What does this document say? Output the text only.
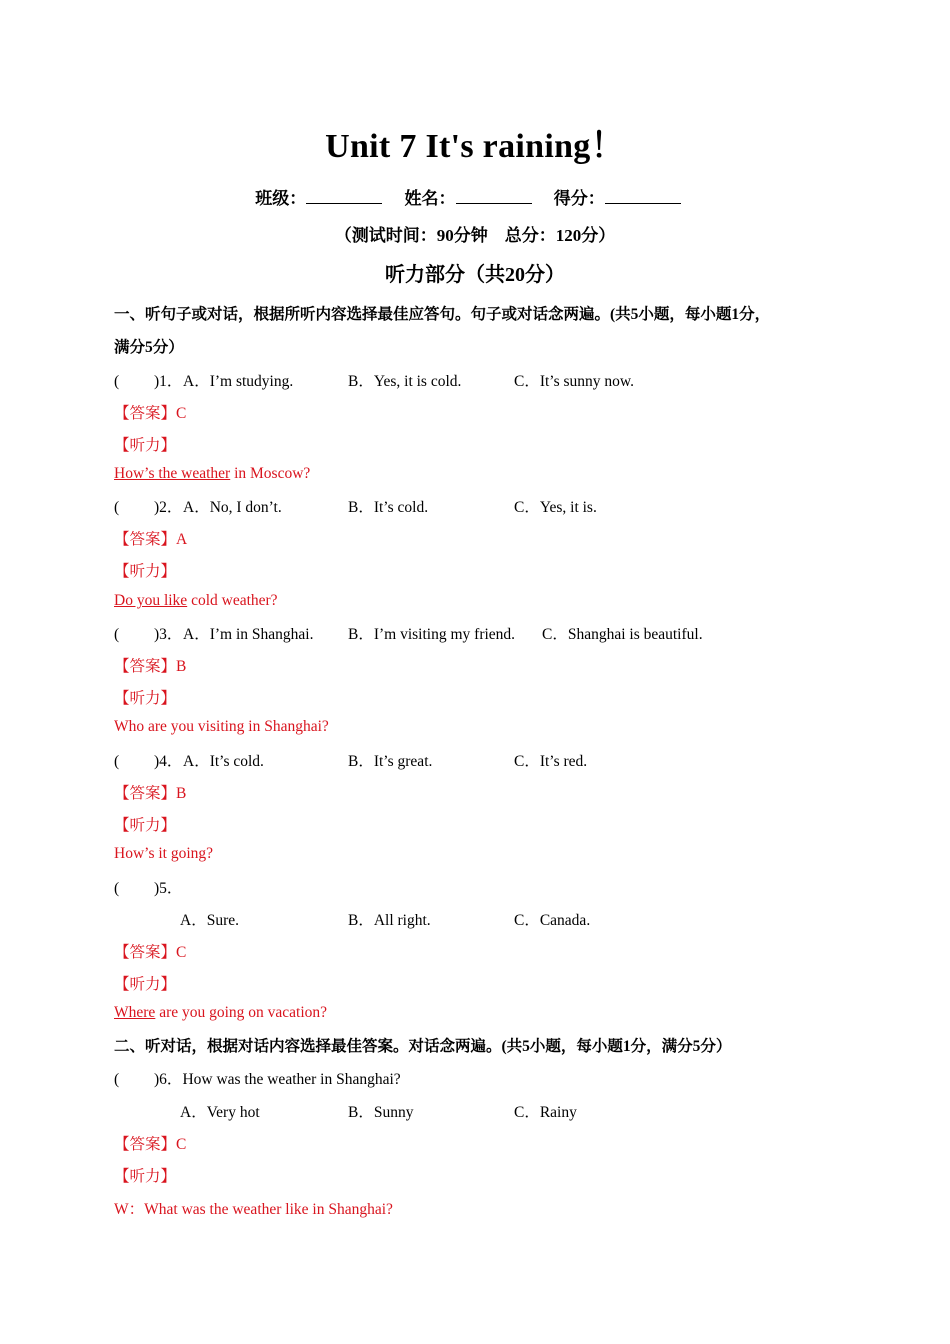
Unit 7 It's raining！
班级：	姓名：	得分：
（测试时间：90分钟　总分：120分）
听力部分（共20分）
一、听句子或对话，根据所听内容选择最佳应答句。句子或对话念两遍。(共5小题，每小题1分，
满分5分）
( )1． A．I’m studying.	B．Yes, it is cold.	C．It’s sunny now.
【答案】C
【听力】
How’s the weather in Moscow?
( )2． A．No, I don’t.	B．It’s cold.	C．Yes, it is.
【答案】A
【听力】
Do you like cold weather?
( )3． A．I’m in Shanghai. B．I’m visiting my friend. C．Shanghai is beautiful.
【答案】B
【听力】
Who are you visiting in Shanghai?
( )4． A．It’s cold.	B．It’s great.	C．It’s red.
【答案】B
【听力】
How’s it going?
( )5．
A．Sure.	B．All right.	C．Canada.
【答案】C
【听力】
Where are you going on vacation?
二、听对话，根据对话内容选择最佳答案。对话念两遍。(共5小题，每小题1分，满分5分）
( )6．How was the weather in Shanghai?
A．Very hot	B．Sunny	C．Rainy
【答案】C
【听力】
W：What was the weather like in Shanghai?
